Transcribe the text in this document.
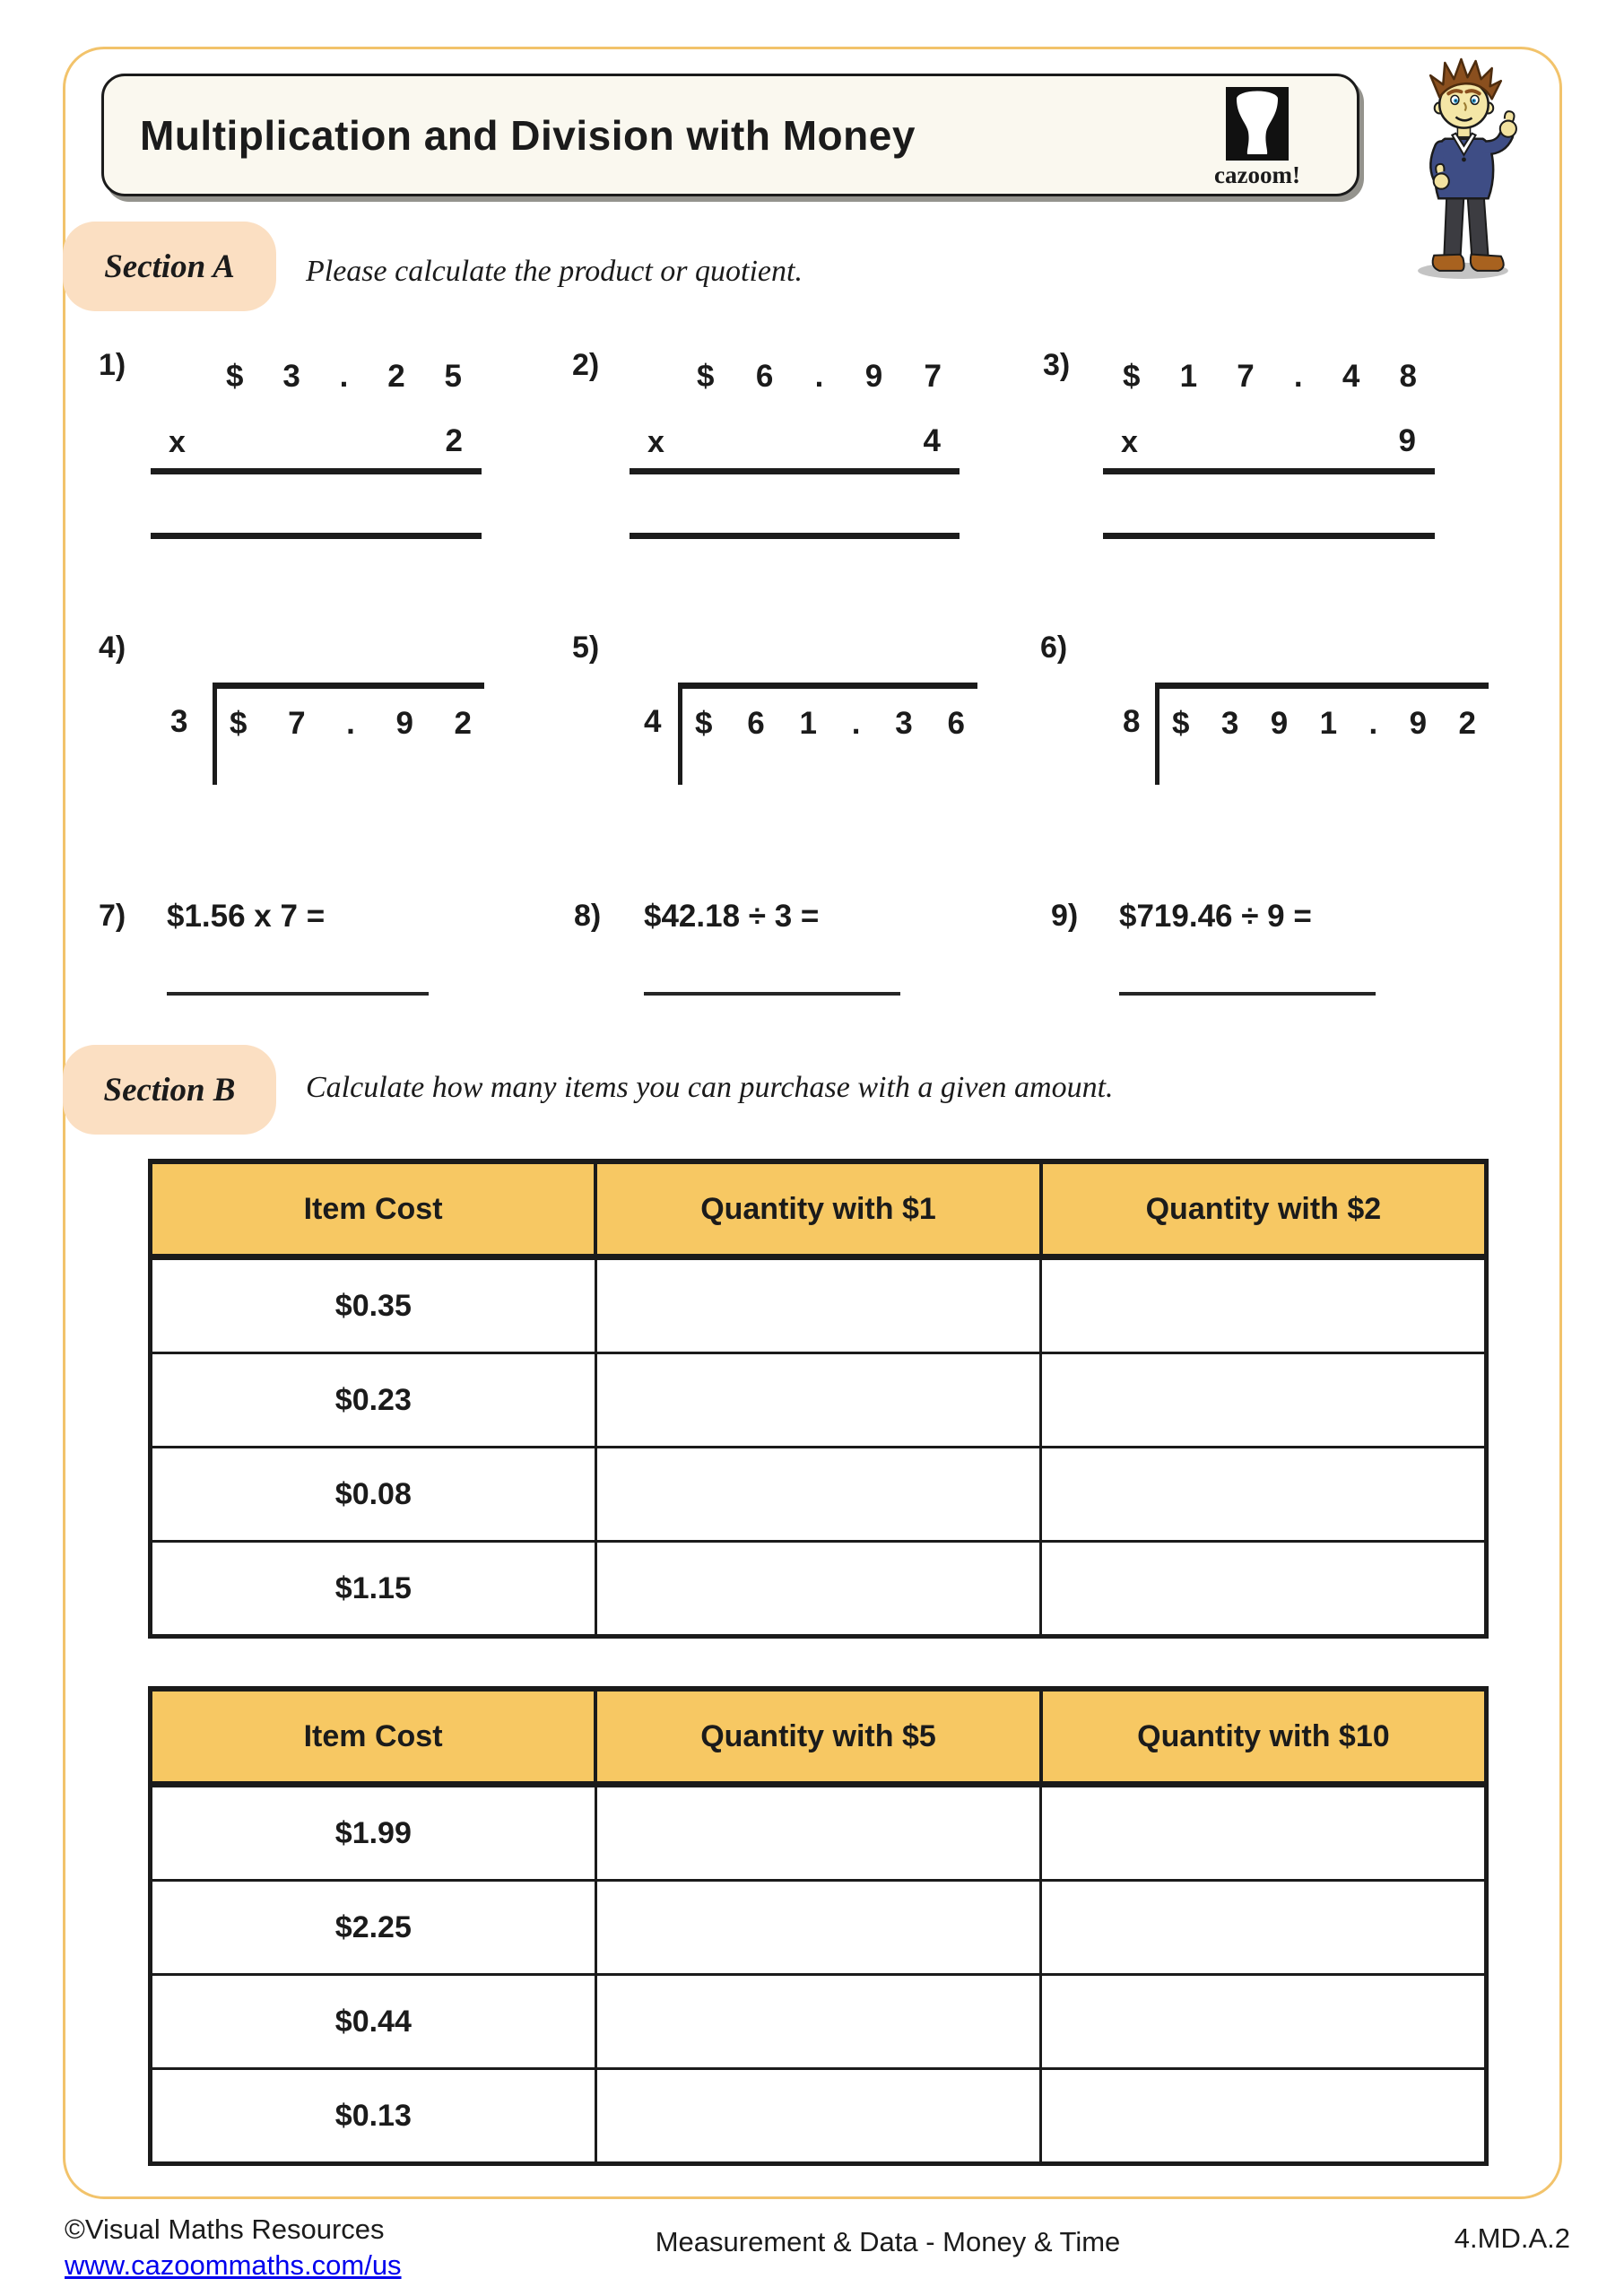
Multiplication and Division with Money
cazoom!
Section A Please calculate the product or quotient.
1)	$ 3 . 2 5
x	2
2)	$ 6 . 9 7
x	4
3) $ 1 7 . 4 8
x	9
4)
3 $ 7 . 9 2
5)
4 $ 6 1 . 3 6
6)
8 $ 3 9 1 . 9 2
7) $1.56 x 7 =	8) $42.18 ÷ 3 =	9) $719.46 ÷ 9 =
Section B Calculate how many items you can purchase with a given amount.
Item Cost	Quantity with $1	Quantity with $2
$0.35		
$0.23		
$0.08		
$1.15		
Item Cost	Quantity with $5	Quantity with $10
$1.99		
$2.25		
$0.44		
$0.13		
©Visual Maths Resources
www.cazoommaths.com/us
Measurement & Data - Money & Time	4.MD.A.2
